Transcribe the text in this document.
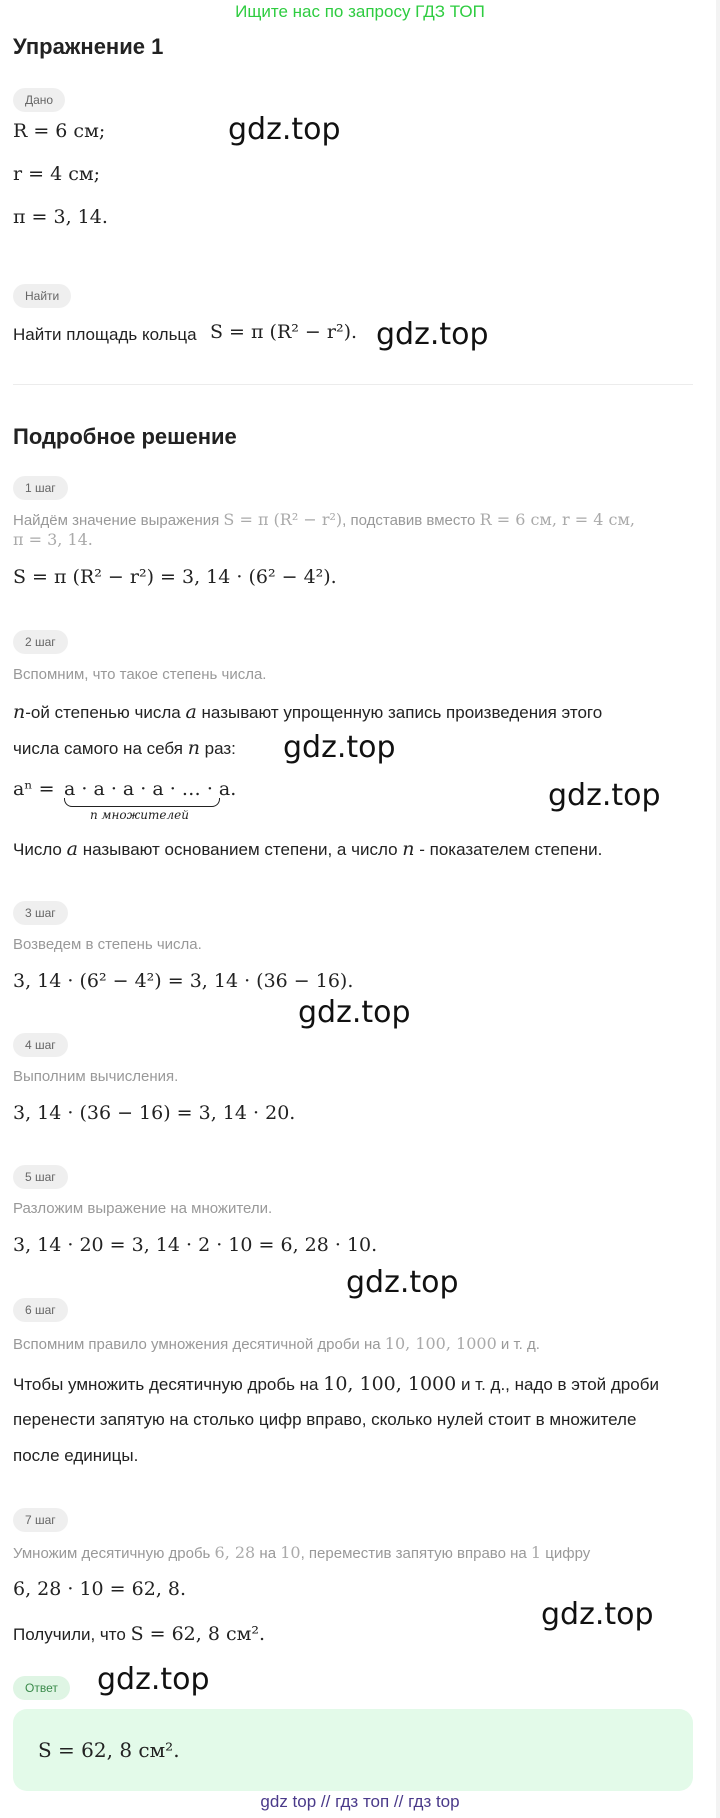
Ищите нас по запросу ГДЗ ТОП
Упражнение 1
Дано
R = 6 см;
r = 4 см;
π = 3, 14.
gdz.top
Найти
Найти площадь кольца S = π (R² − r²). gdz.top
Подробное решение
1 шаг
Найдём значение выражения S = π (R² − r²), подставив вместо R = 6 см, r = 4 см,
π = 3, 14.
S = π (R² − r²) = 3, 14 · (6² − 4²).
2 шаг
Вспомним, что такое степень числа.
n-ой степенью числа a называют упрощенную запись произведения этого
числа самого на себя n раз: gdz.top
aⁿ = a · a · a · a · … · a.
n множителей
gdz.top
Число a называют основанием степени, а число n - показателем степени.
3 шаг
Возведем в степень числа.
3, 14 · (6² − 4²) = 3, 14 · (36 − 16).
gdz.top
4 шаг
Выполним вычисления.
3, 14 · (36 − 16) = 3, 14 · 20.
5 шаг
Разложим выражение на множители.
3, 14 · 20 = 3, 14 · 2 · 10 = 6, 28 · 10.
gdz.top
6 шаг
Вспомним правило умножения десятичной дроби на 10, 100, 1000 и т. д.
Чтобы умножить десятичную дробь на 10, 100, 1000 и т. д., надо в этой дроби
перенести запятую на столько цифр вправо, сколько нулей стоит в множителе
после единицы.
7 шаг
Умножим десятичную дробь 6, 28 на 10, переместив запятую вправо на 1 цифру
6, 28 · 10 = 62, 8.
gdz.top
Получили, что S = 62, 8 см².
Ответ	gdz.top
S = 62, 8 см².
gdz top // гдз топ // гдз top
